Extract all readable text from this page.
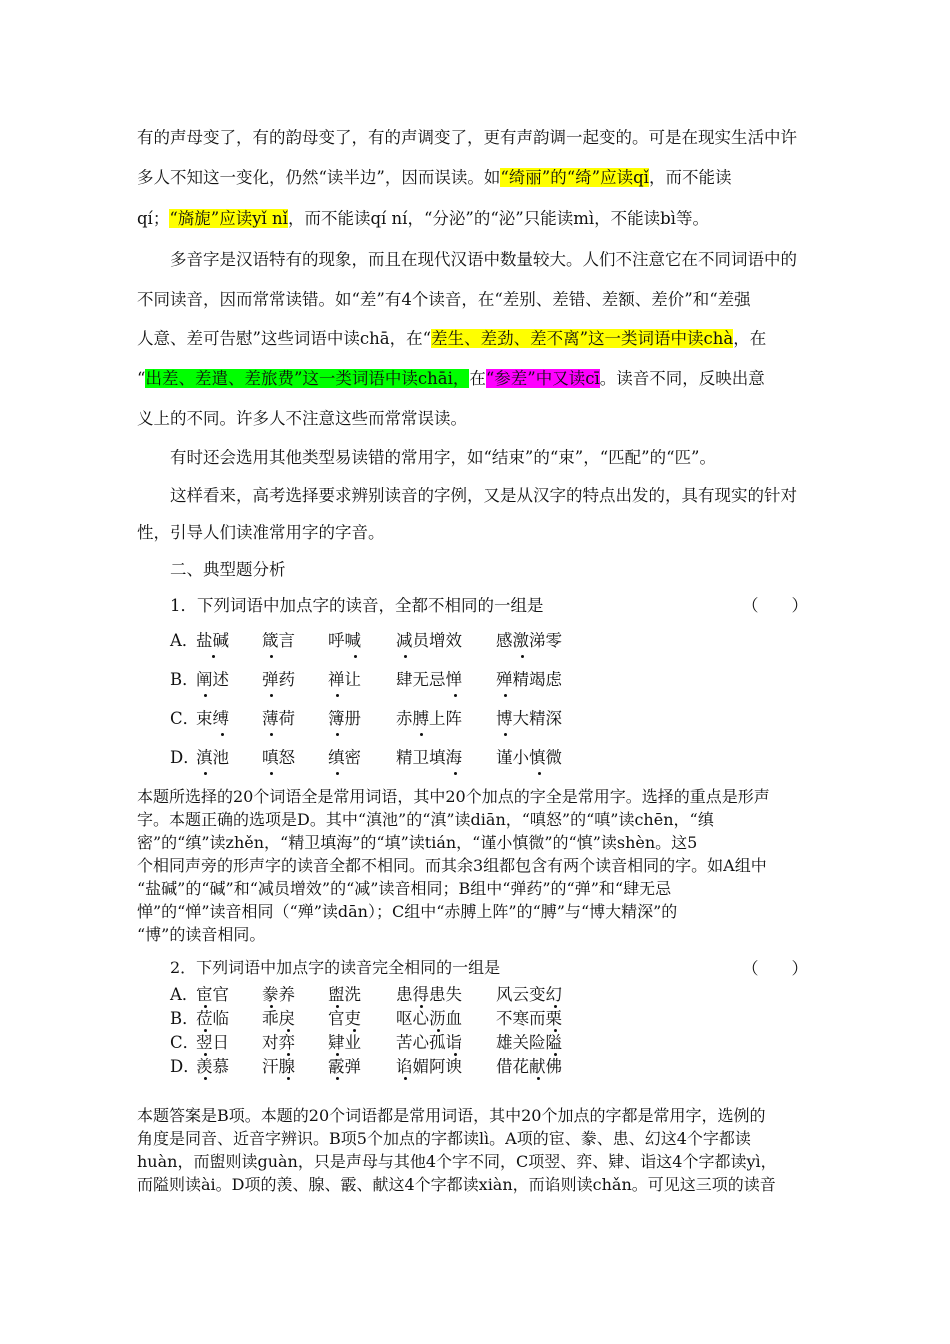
有的声母变了，有的韵母变了，有的声调变了，更有声韵调一起变的。可是在现实生活中许
多人不知这一变化，仍然“读半边”，因而误读。如“绮丽”的“绮”应读qǐ，而不能读
qí；“旖旎”应读yǐ nǐ，而不能读qí ní，“分泌”的“泌”只能读mì，不能读bì等。
多音字是汉语特有的现象，而且在现代汉语中数量较大。人们不注意它在不同词语中的
不同读音，因而常常读错。如“差”有4个读音，在“差别、差错、差额、差价”和“差强
人意、差可告慰”这些词语中读chā，在“差生、差劲、差不离”这一类词语中读chà，在
“出差、差遣、差旅费”这一类词语中读chāi，在“参差”中又读cī。读音不同，反映出意
义上的不同。许多人不注意这些而常常误读。
有时还会选用其他类型易读错的常用字，如“结束”的“束”，“匹配”的“匹”。
这样看来，高考选择要求辨别读音的字例，又是从汉字的特点出发的，具有现实的针对
性，引导人们读准常用字的字音。
二、典型题分析
1．下列词语中加点字的读音，全都不相同的一组是	（　　）
A．
盐碱 箴言 呼喊 减员增效 感激涕零
B．
阐述 弹药 禅让 肆无忌惮 殚精竭虑
C．
束缚 薄荷 簿册 赤膊上阵 博大精深
D．
滇池 嗔怒 缜密 精卫填海 谨小慎微
本题所选择的20个词语全是常用词语，其中20个加点的字全是常用字。选择的重点是形声
字。本题正确的选项是D。其中“滇池”的“滇”读diān，“嗔怒”的“嗔”读chēn，“缜
密”的“缜”读zhěn，“精卫填海”的“填”读tián，“谨小慎微”的“慎”读shèn。这5
个相同声旁的形声字的读音全都不相同。而其余3组都包含有两个读音相同的字。如A组中
“盐碱”的“碱”和“减员增效”的“减”读音相同；B组中“弹药”的“弹”和“肆无忌
惮”的“惮”读音相同（“殚”读dān）；C组中“赤膊上阵”的“膊”与“博大精深”的
“博”的读音相同。
2．下列词语中加点字的读音完全相同的一组是	（　　）
A．
宦官 豢养 盥洗 患得患失 风云变幻
B．
莅临 乖戾 官吏 呕心沥血 不寒而栗
C．
翌日 对弈 肄业 苦心孤诣 雄关险隘
D．
羡慕 汗腺 霰弹 谄媚阿谀 借花献佛
本题答案是B项。本题的20个词语都是常用词语，其中20个加点的字都是常用字，选例的
角度是同音、近音字辨识。B项5个加点的字都读lì。A项的宦、豢、患、幻这4个字都读
huàn，而盥则读guàn，只是声母与其他4个字不同，C项翌、弈、肄、诣这4个字都读yì，
而隘则读ài。D项的羡、腺、霰、献这4个字都读xiàn，而谄则读chǎn。可见这三项的读音
